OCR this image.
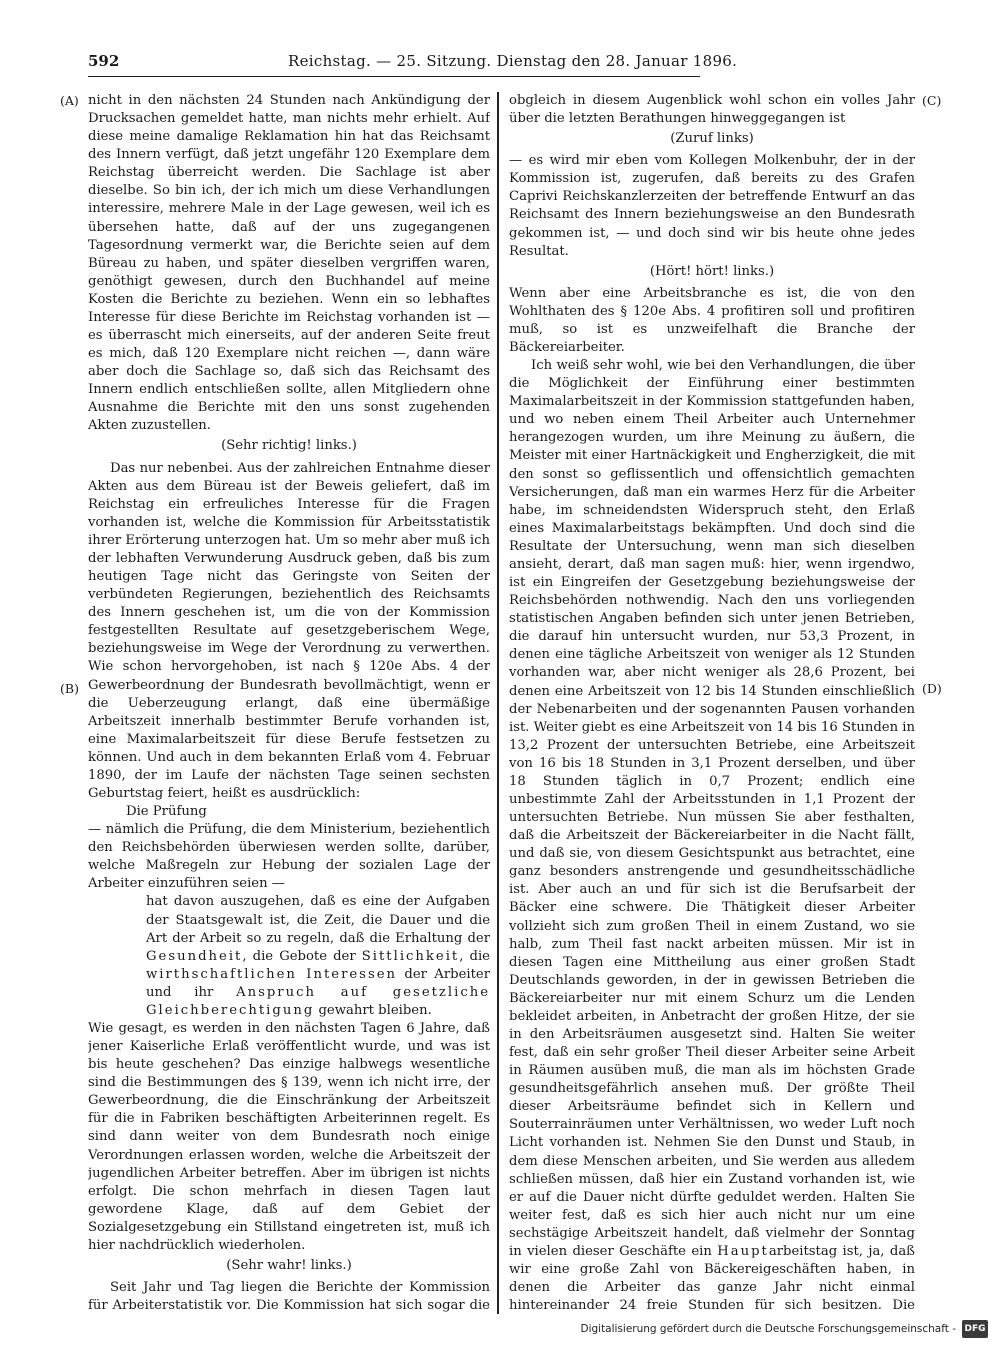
592	Reichstag. — 25. Sitzung. Dienstag den 28. Januar 1896.
(A)
(B)
(C)
(D)

nicht in den nächsten 24 Stunden nach Ankündigung der Drucksachen gemeldet hatte, man nichts mehr erhielt. Auf diese meine damalige Reklamation hin hat das Reichsamt des Innern verfügt, daß jetzt ungefähr 120 Exemplare dem Reichstag überreicht werden. Die Sachlage ist aber dieselbe. So bin ich, der ich mich um diese Verhandlungen interessire, mehrere Male in der Lage gewesen, weil ich es übersehen hatte, daß auf der uns zugegangenen Tagesordnung vermerkt war, die Berichte seien auf dem Büreau zu haben, und später dieselben vergriffen waren, genöthigt gewesen, durch den Buchhandel auf meine Kosten die Berichte zu beziehen. Wenn ein so lebhaftes Interesse für diese Berichte im Reichstag vorhanden ist — es überrascht mich einerseits, auf der anderen Seite freut es mich, daß 120 Exemplare nicht reichen —, dann wäre aber doch die Sachlage so, daß sich das Reichsamt des Innern endlich entschließen sollte, allen Mitgliedern ohne Ausnahme die Berichte mit den uns sonst zugehenden Akten zuzustellen.

(Sehr richtig! links.)

Das nur nebenbei. Aus der zahlreichen Entnahme dieser Akten aus dem Büreau ist der Beweis geliefert, daß im Reichstag ein erfreuliches Interesse für die Fragen vorhanden ist, welche die Kommission für Arbeitsstatistik ihrer Erörterung unterzogen hat. Um so mehr aber muß ich der lebhaften Verwunderung Ausdruck geben, daß bis zum heutigen Tage nicht das Geringste von Seiten der verbündeten Regierungen, beziehentlich des Reichsamts des Innern geschehen ist, um die von der Kommission festgestellten Resultate auf gesetzgeberischem Wege, beziehungsweise im Wege der Verordnung zu verwerthen. Wie schon hervorgehoben, ist nach § 120e Abs. 4 der Gewerbeordnung der Bundesrath bevollmächtigt, wenn er die Ueberzeugung erlangt, daß eine übermäßige Arbeitszeit innerhalb bestimmter Berufe vorhanden ist, eine Maximalarbeitszeit für diese Berufe festsetzen zu können. Und auch in dem bekannten Erlaß vom 4. Februar 1890, der im Laufe der nächsten Tage seinen sechsten Geburtstag feiert, heißt es ausdrücklich:

Die Prüfung

— nämlich die Prüfung, die dem Ministerium, beziehentlich den Reichsbehörden überwiesen werden sollte, darüber, welche Maßregeln zur Hebung der sozialen Lage der Arbeiter einzuführen seien —

hat davon auszugehen, daß es eine der Aufgaben der Staatsgewalt ist, die Zeit, die Dauer und die Art der Arbeit so zu regeln, daß die Erhaltung der Gesundheit, die Gebote der Sittlichkeit, die wirthschaftlichen Interessen der Arbeiter und ihr Anspruch auf gesetzliche Gleichberechtigung gewahrt bleiben.

Wie gesagt, es werden in den nächsten Tagen 6 Jahre, daß jener Kaiserliche Erlaß veröffentlicht wurde, und was ist bis heute geschehen? Das einzige halbwegs wesentliche sind die Bestimmungen des § 139, wenn ich nicht irre, der Gewerbeordnung, die die Einschränkung der Arbeitszeit für die in Fabriken beschäftigten Arbeiterinnen regelt. Es sind dann weiter von dem Bundesrath noch einige Verordnungen erlassen worden, welche die Arbeitszeit der jugendlichen Arbeiter betreffen. Aber im übrigen ist nichts erfolgt. Die schon mehrfach in diesen Tagen laut gewordene Klage, daß auf dem Gebiet der Sozialgesetzgebung ein Stillstand eingetreten ist, muß ich hier nachdrücklich wiederholen.

(Sehr wahr! links.)

Seit Jahr und Tag liegen die Berichte der Kommission für Arbeiterstatistik vor. Die Kommission hat sich sogar die

obgleich in diesem Augenblick wohl schon ein volles Jahr über die letzten Berathungen hinweggegangen ist

(Zuruf links)

— es wird mir eben vom Kollegen Molkenbuhr, der in der Kommission ist, zugerufen, daß bereits zu des Grafen Caprivi Reichskanzlerzeiten der betreffende Entwurf an das Reichsamt des Innern beziehungsweise an den Bundesrath gekommen ist, — und doch sind wir bis heute ohne jedes Resultat.

(Hört! hört! links.)

Wenn aber eine Arbeitsbranche es ist, die von den Wohlthaten des § 120e Abs. 4 profitiren soll und profitiren muß, so ist es unzweifelhaft die Branche der Bäckereiarbeiter.

Ich weiß sehr wohl, wie bei den Verhandlungen, die über die Möglichkeit der Einführung einer bestimmten Maximalarbeitszeit in der Kommission stattgefunden haben, und wo neben einem Theil Arbeiter auch Unternehmer herangezogen wurden, um ihre Meinung zu äußern, die Meister mit einer Hartnäckigkeit und Engherzigkeit, die mit den sonst so geflissentlich und offensichtlich gemachten Versicherungen, daß man ein warmes Herz für die Arbeiter habe, im schneidendsten Widerspruch steht, den Erlaß eines Maximalarbeitstags bekämpften. Und doch sind die Resultate der Untersuchung, wenn man sich dieselben ansieht, derart, daß man sagen muß: hier, wenn irgendwo, ist ein Eingreifen der Gesetzgebung beziehungsweise der Reichsbehörden nothwendig. Nach den uns vorliegenden statistischen Angaben befinden sich unter jenen Betrieben, die darauf hin untersucht wurden, nur 53,3 Prozent, in denen eine tägliche Arbeitszeit von weniger als 12 Stunden vorhanden war, aber nicht weniger als 28,6 Prozent, bei denen eine Arbeitszeit von 12 bis 14 Stunden einschließlich der Nebenarbeiten und der sogenannten Pausen vorhanden ist. Weiter giebt es eine Arbeitszeit von 14 bis 16 Stunden in 13,2 Prozent der untersuchten Betriebe, eine Arbeitszeit von 16 bis 18 Stunden in 3,1 Prozent derselben, und über 18 Stunden täglich in 0,7 Prozent; endlich eine unbestimmte Zahl der Arbeitsstunden in 1,1 Prozent der untersuchten Betriebe. Nun müssen Sie aber festhalten, daß die Arbeitszeit der Bäckereiarbeiter in die Nacht fällt, und daß sie, von diesem Gesichtspunkt aus betrachtet, eine ganz besonders anstrengende und gesundheitsschädliche ist. Aber auch an und für sich ist die Berufsarbeit der Bäcker eine schwere. Die Thätigkeit dieser Arbeiter vollzieht sich zum großen Theil in einem Zustand, wo sie halb, zum Theil fast nackt arbeiten müssen. Mir ist in diesen Tagen eine Mittheilung aus einer großen Stadt Deutschlands geworden, in der in gewissen Betrieben die Bäckereiarbeiter nur mit einem Schurz um die Lenden bekleidet arbeiten, in Anbetracht der großen Hitze, der sie in den Arbeitsräumen ausgesetzt sind. Halten Sie weiter fest, daß ein sehr großer Theil dieser Arbeiter seine Arbeit in Räumen ausüben muß, die man als im höchsten Grade gesundheitsgefährlich ansehen muß. Der größte Theil dieser Arbeitsräume befindet sich in Kellern und Souterrainräumen unter Verhältnissen, wo weder Luft noch Licht vorhanden ist. Nehmen Sie den Dunst und Staub, in dem diese Menschen arbeiten, und Sie werden aus alledem schließen müssen, daß hier ein Zustand vorhanden ist, wie er auf die Dauer nicht dürfte geduldet werden. Halten Sie weiter fest, daß es sich hier auch nicht nur um eine sechstägige Arbeitszeit handelt, daß vielmehr der Sonntag in vielen dieser Geschäfte ein Hauptarbeitstag ist, ja, daß wir eine große Zahl von Bäckereigeschäften haben, in denen die Arbeiter das ganze Jahr nicht einmal hintereinander 24 freie Stunden für sich besitzen. Die

Digitalisierung gefördert durch die Deutsche Forschungsgemeinschaft - DFG
